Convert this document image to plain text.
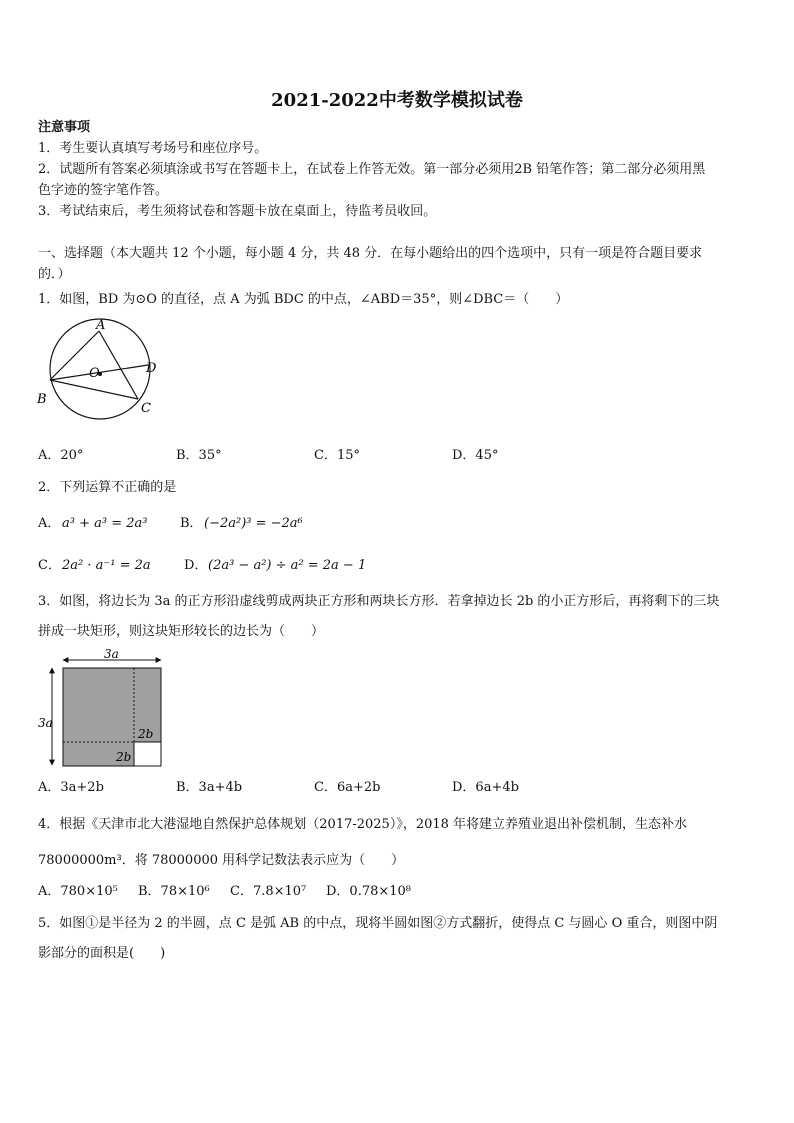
2021-2022中考数学模拟试卷
注意事项
1．考生要认真填写考场号和座位序号。
2．试题所有答案必须填涂或书写在答题卡上，在试卷上作答无效。第一部分必须用2B 铅笔作答；第二部分必须用黑
色字迹的签字笔作答。
3．考试结束后，考生须将试卷和答题卡放在桌面上，待监考员收回。
一、选择题（本大题共 12 个小题，每小题 4 分，共 48 分．在每小题给出的四个选项中，只有一项是符合题目要求
的．）
1．如图，BD 为⊙O 的直径，点 A 为弧 BDC 的中点，∠ABD＝35°，则∠DBC＝（　　）
A
B
C
D
O
A．20°	B．35°	C．15°	D．45°
2．下列运算不正确的是
A． 𝑎³ + 𝑎³ = 2𝑎³	B． (−2𝑎²)³ = −2𝑎⁶
C． 2𝑎² · 𝑎⁻¹ = 2𝑎	D． (2𝑎³ − 𝑎²) ÷ 𝑎² = 2𝑎 − 1
3．如图，将边长为 3a 的正方形沿虚线剪成两块正方形和两块长方形．若拿掉边长 2b 的小正方形后，再将剩下的三块
拼成一块矩形，则这块矩形较长的边长为（　　）
3a
3a
2b
2b
A．3a+2b	B．3a+4b	C．6a+2b	D．6a+4b
4．根据《天津市北大港湿地自然保护总体规划（2017-2025）》，2018 年将建立养殖业退出补偿机制，生态补水
78000000m³．将 78000000 用科学记数法表示应为（　　）
A．780×10⁵ B．78×10⁶ C．7.8×10⁷ D．0.78×10⁸
5．如图①是半径为 2 的半圆，点 C 是弧 AB 的中点，现将半圆如图②方式翻折，使得点 C 与圆心 O 重合，则图中阴
影部分的面积是(　　)
